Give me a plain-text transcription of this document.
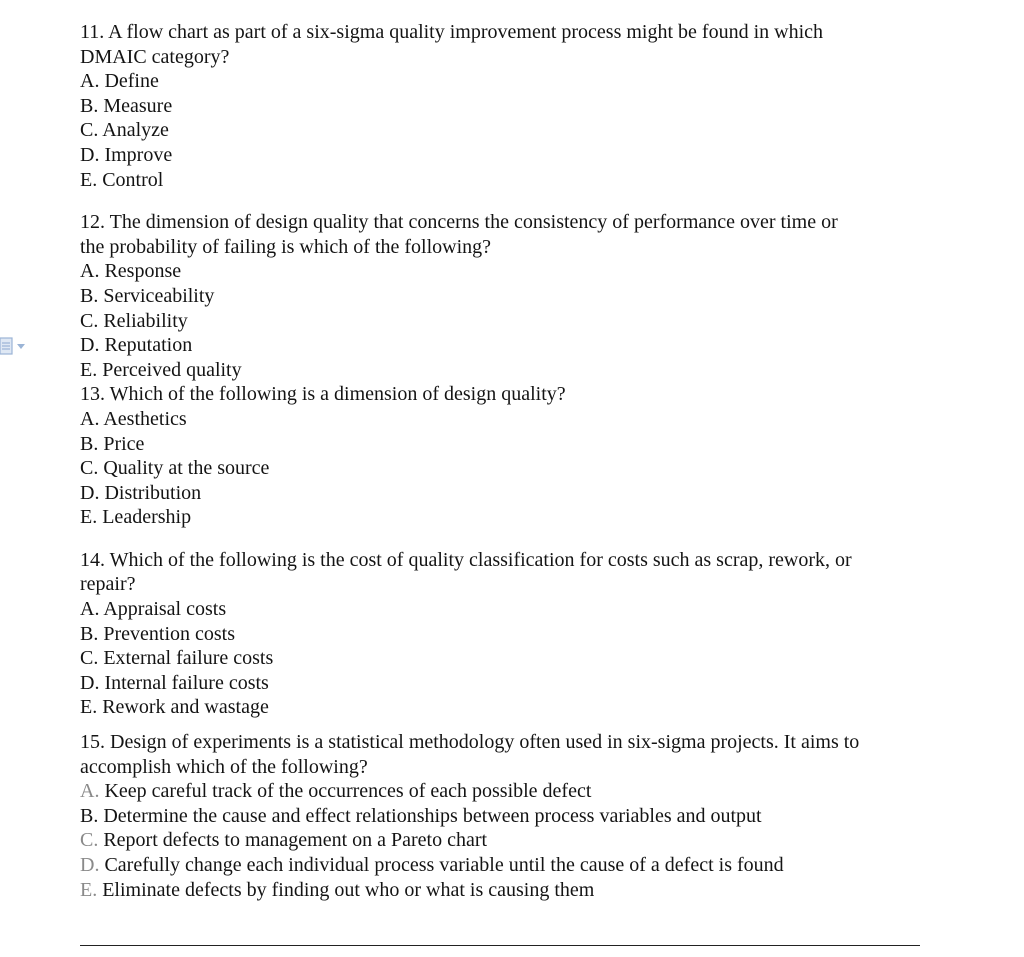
11. A flow chart as part of a six-sigma quality improvement process might be found in which
DMAIC category?
A. Define
B. Measure
C. Analyze
D. Improve
E. Control
12. The dimension of design quality that concerns the consistency of performance over time or
the probability of failing is which of the following?
A. Response
B. Serviceability
C. Reliability
D. Reputation
E. Perceived quality
13. Which of the following is a dimension of design quality?
A. Aesthetics
B. Price
C. Quality at the source
D. Distribution
E. Leadership
14. Which of the following is the cost of quality classification for costs such as scrap, rework, or
repair?
A. Appraisal costs
B. Prevention costs
C. External failure costs
D. Internal failure costs
E. Rework and wastage
15. Design of experiments is a statistical methodology often used in six-sigma projects. It aims to
accomplish which of the following?
A. Keep careful track of the occurrences of each possible defect
B. Determine the cause and effect relationships between process variables and output
C. Report defects to management on a Pareto chart
D. Carefully change each individual process variable until the cause of a defect is found
E. Eliminate defects by finding out who or what is causing them
